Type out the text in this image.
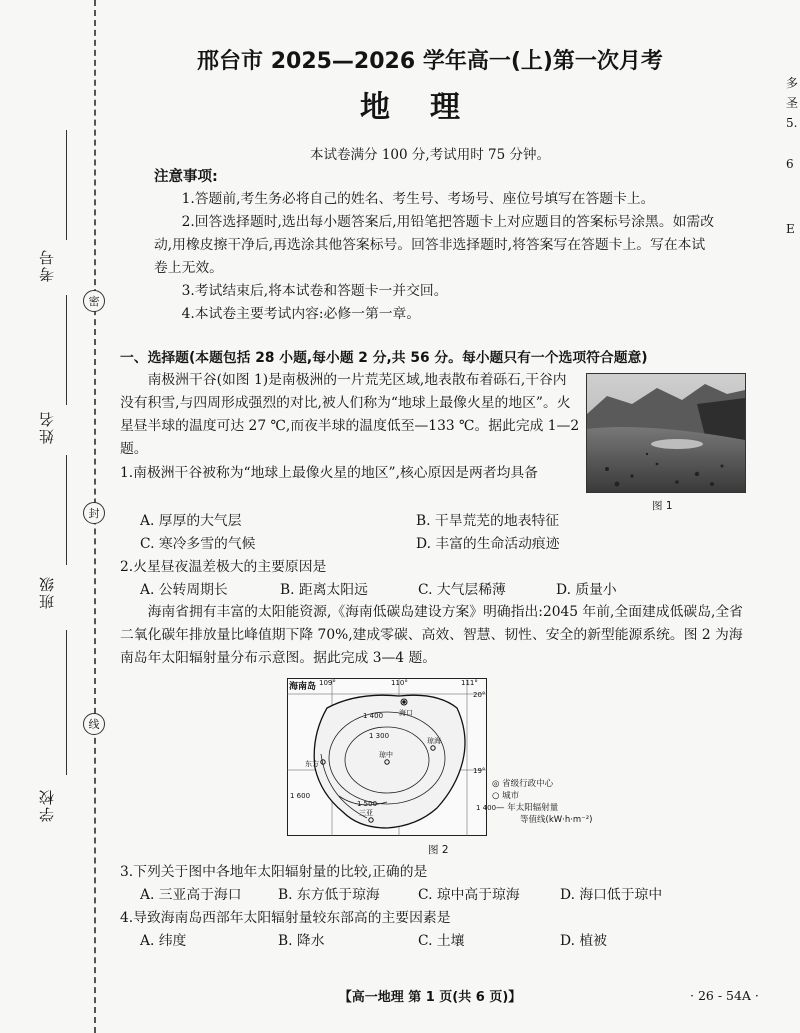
考号
姓名
班级
学校
密
封
线
邢台市 2025—2026 学年高一(上)第一次月考
地理
本试卷满分 100 分,考试用时 75 分钟。
注意事项:

1.答题前,考生务必将自己的姓名、考生号、考场号、座位号填写在答题卡上。

2.回答选择题时,选出每小题答案后,用铅笔把答题卡上对应题目的答案标号涂黑。如需改动,用橡皮擦干净后,再选涂其他答案标号。回答非选择题时,将答案写在答题卡上。写在本试卷上无效。

3.考试结束后,将本试卷和答题卡一并交回。

4.本试卷主要考试内容:必修一第一章。

一、选择题(本题包括 28 小题,每小题 2 分,共 56 分。每小题只有一个选项符合题意)

南极洲干谷(如图 1)是南极洲的一片荒芜区域,地表散布着砾石,干谷内没有积雪,与四周形成强烈的对比,被人们称为“地球上最像火星的地区”。火星昼半球的温度可达 27 ℃,而夜半球的温度低至—133 ℃。据此完成 1—2 题。

图 1
1.南极洲干谷被称为“地球上最像火星的地区”,核心原因是两者均具备
A. 厚厚的大气层	B. 干旱荒芜的地表特征
C. 寒冷多雪的气候	D. 丰富的生命活动痕迹
2.火星昼夜温差极大的主要原因是
A. 公转周期长	B. 距离太阳远	C. 大气层稀薄	D. 质量小

海南省拥有丰富的太阳能资源,《海南低碳岛建设方案》明确指出:2045 年前,全面建成低碳岛,全省二氧化碳年排放量比峰值期下降 70%,建成零碳、高效、智慧、韧性、安全的新型能源系统。图 2 为海南岛年太阳辐射量分布示意图。据此完成 3—4 题。

海南岛 109°	110°	111°
20°
19°
海口
琼海
琼中
东方
三亚
1 400
1 300
1 500
1 600
◎ 省级行政中心
○ 城市
1 400— 年太阳辐射量
等值线(kW·h·m⁻²)
图 2
3.下列关于图中各地年太阳辐射量的比较,正确的是
A. 三亚高于海口	B. 东方低于琼海	C. 琼中高于琼海	D. 海口低于琼中
4.导致海南岛西部年太阳辐射量较东部高的主要因素是
A. 纬度	B. 降水	C. 土壤	D. 植被
【高一地理 第 1 页(共 6 页)】	· 26 - 54A ·
多
圣
5.
6
E
